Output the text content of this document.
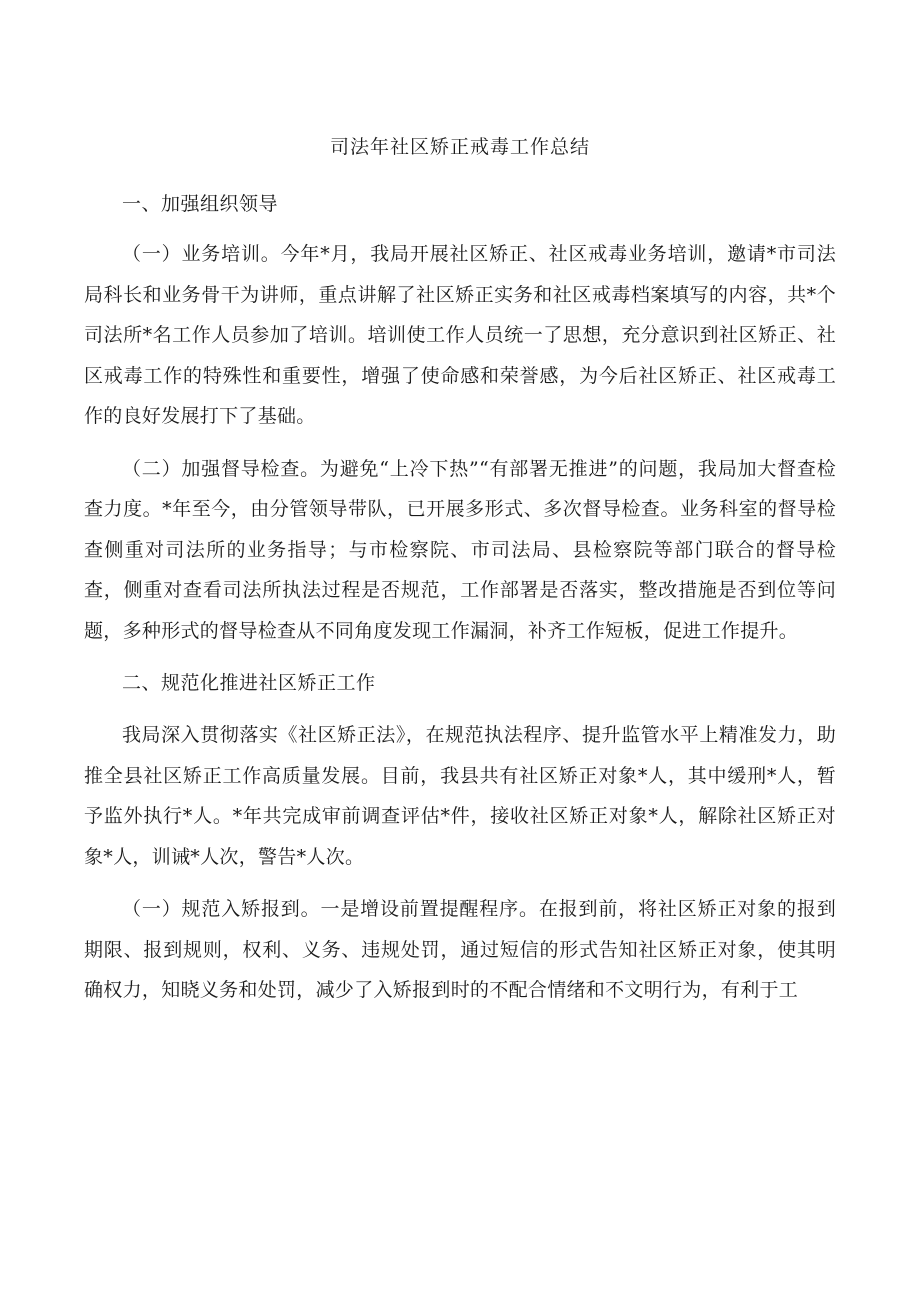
司法年社区矫正戒毒工作总结
一、加强组织领导

（一）业务培训。今年*月，我局开展社区矫正、社区戒毒业务培训，邀请*市司法局科长和业务骨干为讲师，重点讲解了社区矫正实务和社区戒毒档案填写的内容，共*个司法所*名工作人员参加了培训。培训使工作人员统一了思想，充分意识到社区矫正、社区戒毒工作的特殊性和重要性，增强了使命感和荣誉感，为今后社区矫正、社区戒毒工作的良好发展打下了基础。

（二）加强督导检查。为避免“上冷下热”“有部署无推进”的问题，我局加大督查检查力度。*年至今，由分管领导带队，已开展多形式、多次督导检查。业务科室的督导检查侧重对司法所的业务指导；与市检察院、市司法局、县检察院等部门联合的督导检查，侧重对查看司法所执法过程是否规范，工作部署是否落实，整改措施是否到位等问题，多种形式的督导检查从不同角度发现工作漏洞，补齐工作短板，促进工作提升。

二、规范化推进社区矫正工作

我局深入贯彻落实《社区矫正法》，在规范执法程序、提升监管水平上精准发力，助推全县社区矫正工作高质量发展。目前，我县共有社区矫正对象*人，其中缓刑*人，暂予监外执行*人。*年共完成审前调查评估*件，接收社区矫正对象*人，解除社区矫正对象*人，训诫*人次，警告*人次。

（一）规范入矫报到。一是增设前置提醒程序。在报到前，将社区矫正对象的报到期限、报到规则，权利、义务、违规处罚，通过短信的形式告知社区矫正对象，使其明确权力，知晓义务和处罚，减少了入矫报到时的不配合情绪和不文明行为，有利于工
